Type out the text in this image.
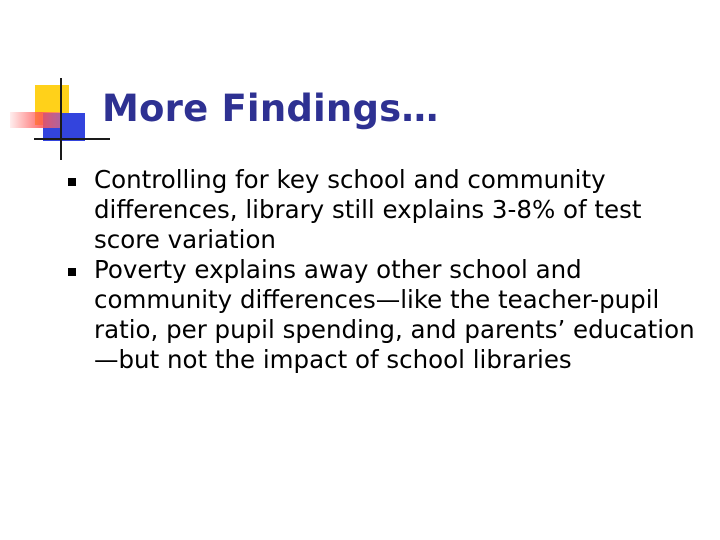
More Findings…
Controlling for key school and community differences, library still explains 3-8% of test score variation
Poverty explains away other school and community differences—like the teacher-pupil ratio, per pupil spending, and parents’ education—but not the impact of school libraries
